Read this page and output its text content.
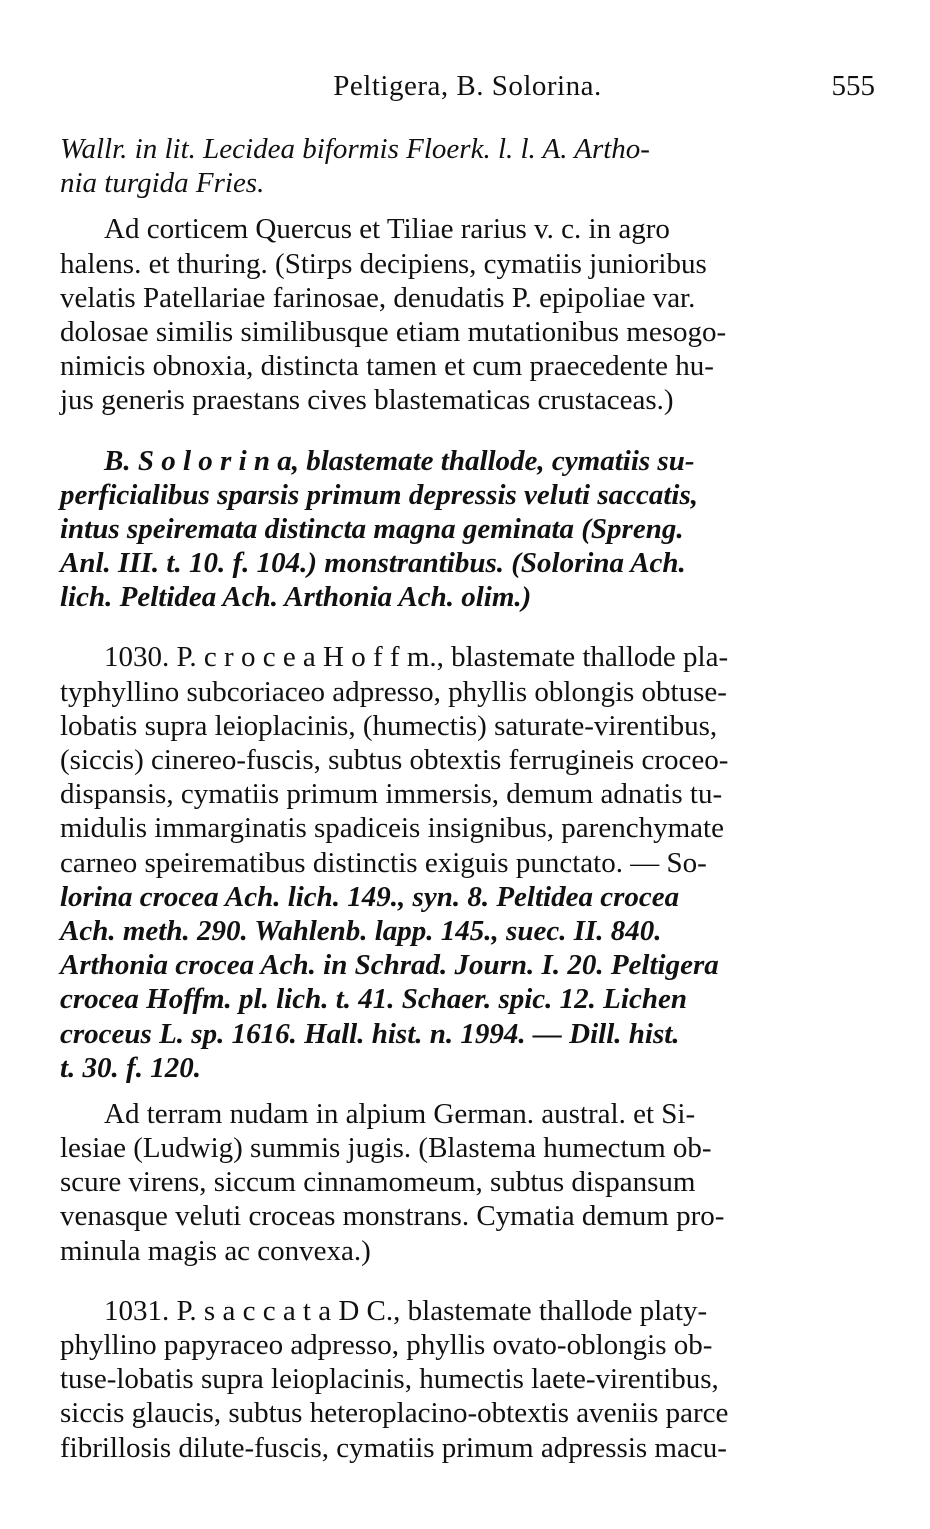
Peltigera, B. Solorina.	555
Wallr. in lit. Lecidea biformis Floerk. l. l. A. Artho-
nia turgida Fries.
Ad corticem Quercus et Tiliae rarius v. c. in agro
halens. et thuring. (Stirps decipiens, cymatiis junioribus
velatis Patellariae farinosae, denudatis P. epipoliae var.
dolosae similis similibusque etiam mutationibus mesogo-
nimicis obnoxia, distincta tamen et cum praecedente hu-
jus generis praestans cives blastematicas crustaceas.)
B. S o l o r i n a, blastemate thallode, cymatiis su-
perficialibus sparsis primum depressis veluti saccatis,
intus speiremata distincta magna geminata (Spreng.
Anl. III. t. 10. f. 104.) monstrantibus. (Solorina Ach.
lich. Peltidea Ach. Arthonia Ach. olim.)
1030. P. c r o c e a H o f f m., blastemate thallode pla-
typhyllino subcoriaceo adpresso, phyllis oblongis obtuse-
lobatis supra leioplacinis, (humectis) saturate-virentibus,
(siccis) cinereo-fuscis, subtus obtextis ferrugineis croceo-
dispansis, cymatiis primum immersis, demum adnatis tu-
midulis immarginatis spadiceis insignibus, parenchymate
carneo speirematibus distinctis exiguis punctato. — So-
lorina crocea Ach. lich. 149., syn. 8. Peltidea crocea
Ach. meth. 290. Wahlenb. lapp. 145., suec. II. 840.
Arthonia crocea Ach. in Schrad. Journ. I. 20. Peltigera
crocea Hoffm. pl. lich. t. 41. Schaer. spic. 12. Lichen
croceus L. sp. 1616. Hall. hist. n. 1994. — Dill. hist.
t. 30. f. 120.
Ad terram nudam in alpium German. austral. et Si-
lesiae (Ludwig) summis jugis. (Blastema humectum ob-
scure virens, siccum cinnamomeum, subtus dispansum
venasque veluti croceas monstrans. Cymatia demum pro-
minula magis ac convexa.)
1031. P. s a c c a t a D C., blastemate thallode platy-
phyllino papyraceo adpresso, phyllis ovato-oblongis ob-
tuse-lobatis supra leioplacinis, humectis laete-virentibus,
siccis glaucis, subtus heteroplacino-obtextis aveniis parce
fibrillosis dilute-fuscis, cymatiis primum adpressis macu-
